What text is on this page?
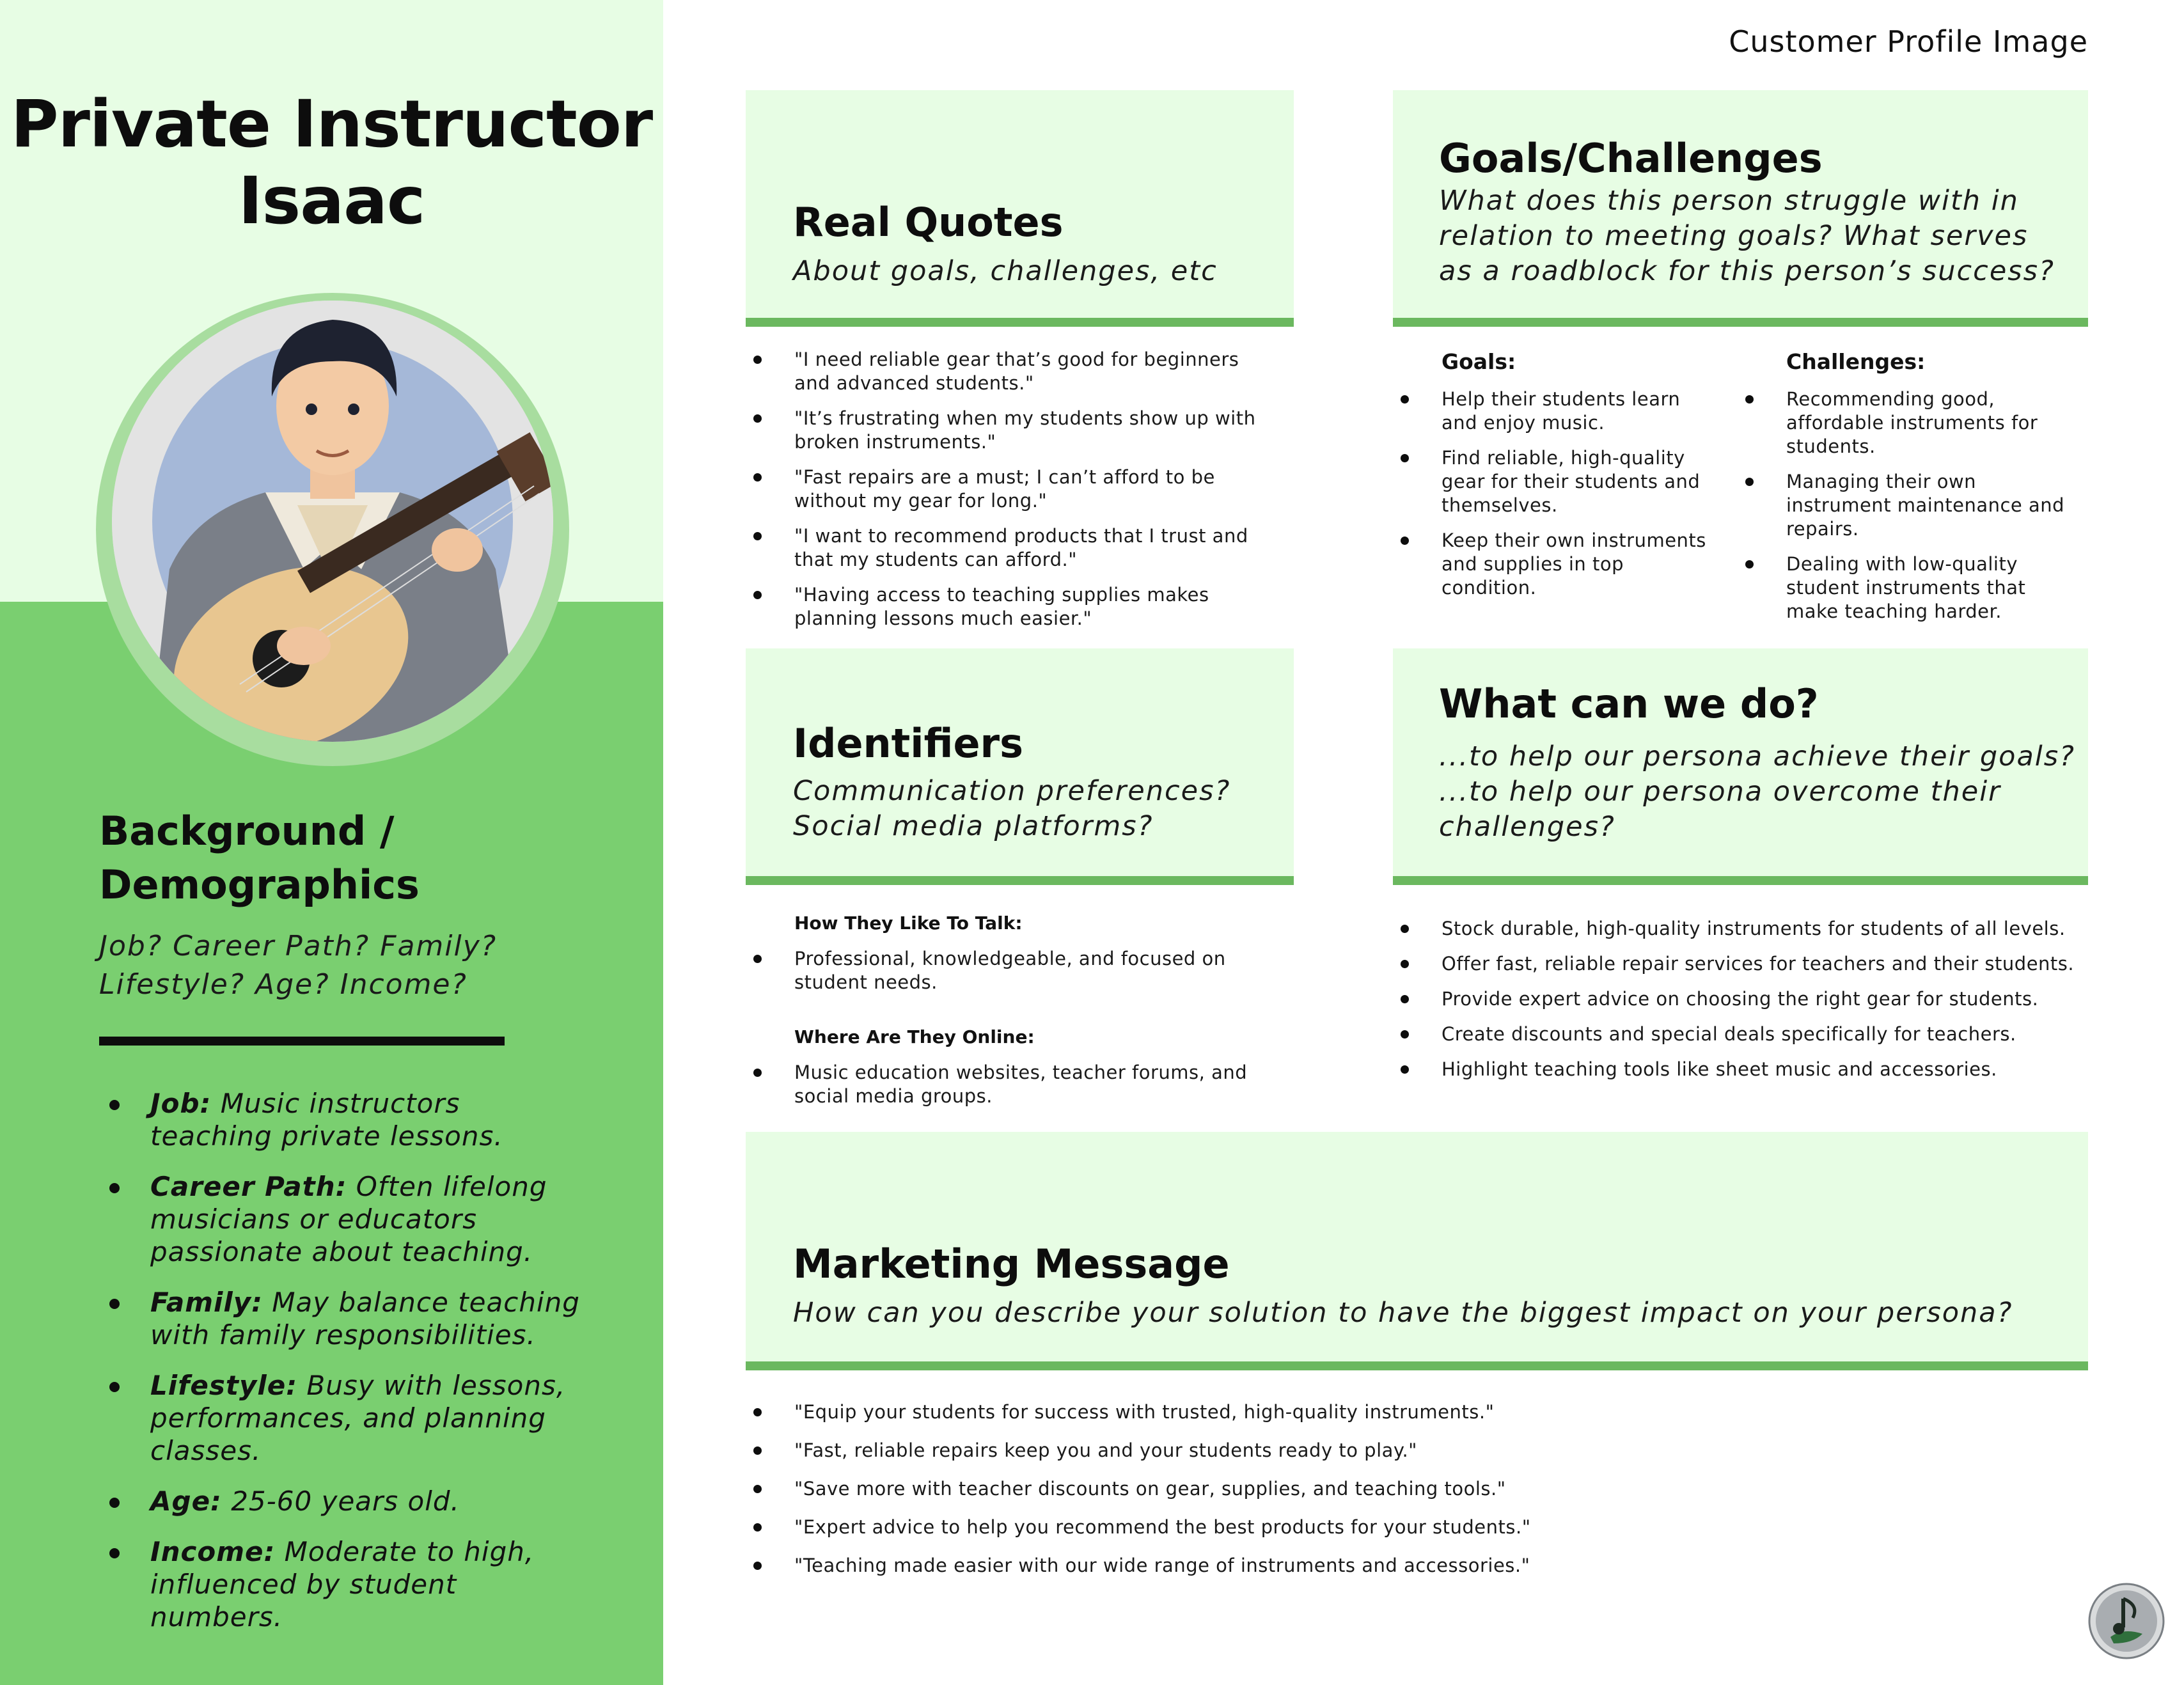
Private Instructor
Isaac
Background /
Demographics
Job? Career Path? Family? Lifestyle? Age? Income?
Job: Music instructors teaching private lessons.
Career Path: Often lifelong musicians or educators passionate about teaching.
Family: May balance teaching with family responsibilities.
Lifestyle: Busy with lessons, performances, and planning classes.
Age: 25-60 years old.
Income: Moderate to high, influenced by student numbers.
Customer Profile Image
Real Quotes
About goals, challenges, etc
"I need reliable gear that’s good for beginners and advanced students."
"It’s frustrating when my students show up with broken instruments."
"Fast repairs are a must; I can’t afford to be without my gear for long."
"I want to recommend products that I trust and that my students can afford."
"Having access to teaching supplies makes planning lessons much easier."
Goals/Challenges
What does this person struggle with in
relation to meeting goals? What serves
as a roadblock for this person’s success?
Goals:
Help their students learn and enjoy music.
Find reliable, high-quality gear for their students and themselves.
Keep their own instruments and supplies in top condition.
Challenges:
Recommending good, affordable instruments for students.
Managing their own instrument maintenance and repairs.
Dealing with low-quality student instruments that make teaching harder.
Identifiers
Communication preferences?
Social media platforms?
How They Like To Talk:
Professional, knowledgeable, and focused on student needs.
Where Are They Online:
Music education websites, teacher forums, and social media groups.
What can we do?
...to help our persona achieve their goals?
...to help our persona overcome their
challenges?
Stock durable, high-quality instruments for students of all levels.
Offer fast, reliable repair services for teachers and their students.
Provide expert advice on choosing the right gear for students.
Create discounts and special deals specifically for teachers.
Highlight teaching tools like sheet music and accessories.
Marketing Message
How can you describe your solution to have the biggest impact on your persona?
"Equip your students for success with trusted, high-quality instruments."
"Fast, reliable repairs keep you and your students ready to play."
"Save more with teacher discounts on gear, supplies, and teaching tools."
"Expert advice to help you recommend the best products for your students."
"Teaching made easier with our wide range of instruments and accessories."
